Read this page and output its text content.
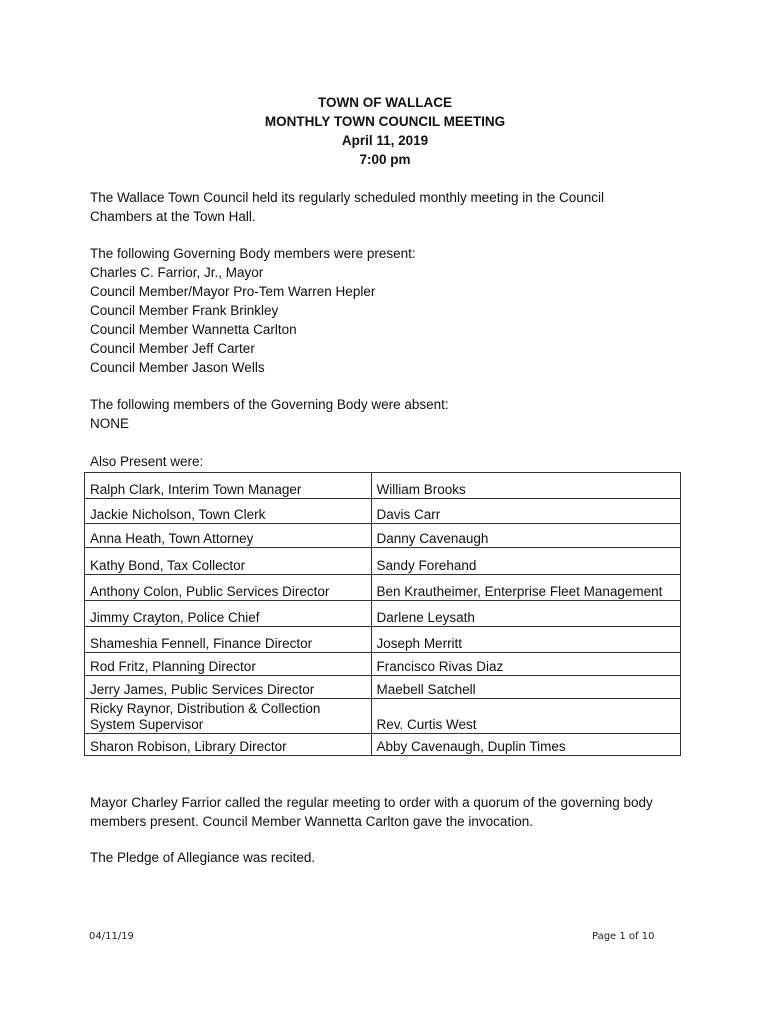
TOWN OF WALLACE
MONTHLY TOWN COUNCIL MEETING
April 11, 2019
7:00 pm
The Wallace Town Council held its regularly scheduled monthly meeting in the Council
Chambers at the Town Hall.
The following Governing Body members were present:
Charles C. Farrior, Jr., Mayor
Council Member/Mayor Pro-Tem Warren Hepler
Council Member Frank Brinkley
Council Member Wannetta Carlton
Council Member Jeff Carter
Council Member Jason Wells
The following members of the Governing Body were absent:
NONE
Also Present were:
Ralph Clark, Interim Town Manager	William Brooks
Jackie Nicholson, Town Clerk	Davis Carr
Anna Heath, Town Attorney	Danny Cavenaugh
Kathy Bond, Tax Collector	Sandy Forehand
Anthony Colon, Public Services Director	Ben Krautheimer, Enterprise Fleet Management
Jimmy Crayton, Police Chief	Darlene Leysath
Shameshia Fennell, Finance Director	Joseph Merritt
Rod Fritz, Planning Director	Francisco Rivas Diaz
Jerry James, Public Services Director	Maebell Satchell

Ricky Raynor, Distribution & Collection
System Supervisor	Rev. Curtis West
Sharon Robison, Library Director	Abby Cavenaugh, Duplin Times
Mayor Charley Farrior called the regular meeting to order with a quorum of the governing body
members present. Council Member Wannetta Carlton gave the invocation.
The Pledge of Allegiance was recited.
04/11/19	Page 1 of 10
